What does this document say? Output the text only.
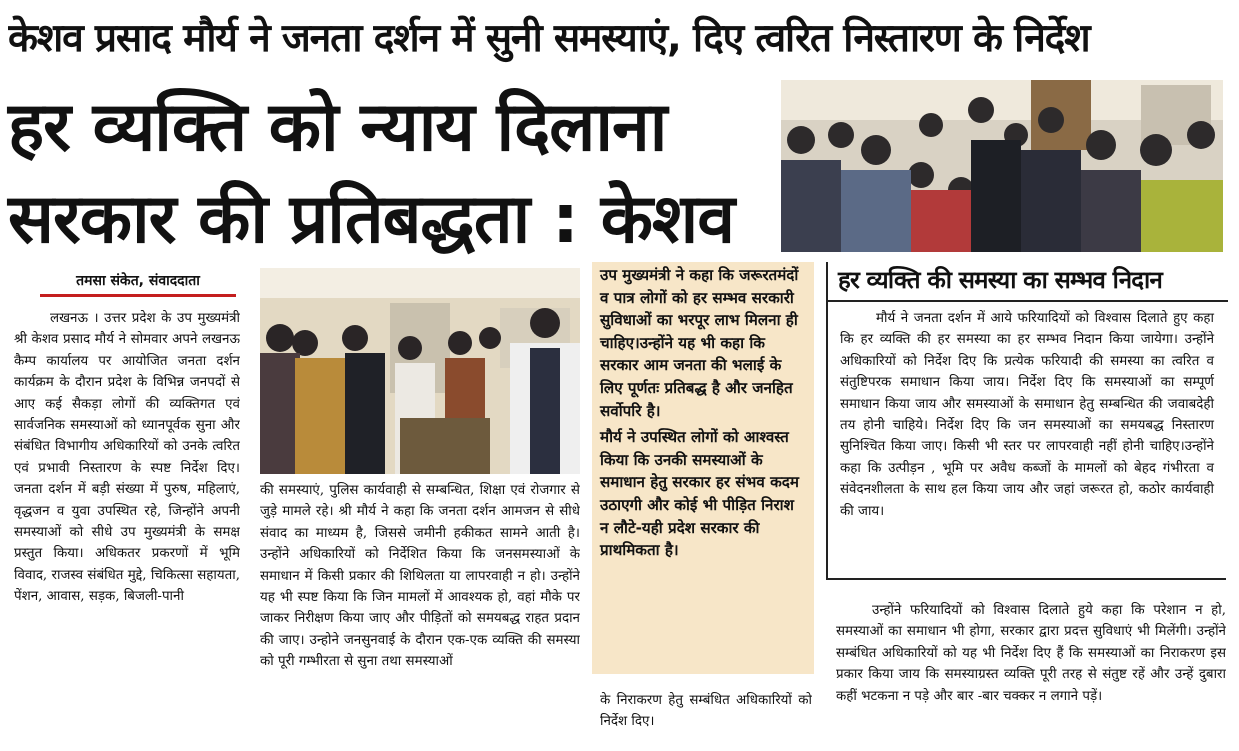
केशव प्रसाद मौर्य ने जनता दर्शन में सुनी समस्याएं, दिए त्वरित निस्तारण के निर्देश
हर व्यक्ति को न्याय दिलाना
सरकार की प्रतिबद्धता : केशव
तमसा संकेत, संवाददाता

लखनऊ । उत्तर प्रदेश के उप मुख्यमंत्री श्री केशव प्रसाद मौर्य ने सोमवार अपने लखनऊ कैम्प कार्यालय पर आयोजित जनता दर्शन कार्यक्रम के दौरान प्रदेश के विभिन्न जनपदों से आए कई सैकड़ा लोगों की व्यक्तिगत एवं सार्वजनिक समस्याओं को ध्यानपूर्वक सुना और संबंधित विभागीय अधिकारियों को उनके त्वरित एवं प्रभावी निस्तारण के स्पष्ट निर्देश दिए। जनता दर्शन में बड़ी संख्या में पुरुष, महिलाएं, वृद्धजन व युवा उपस्थित रहे, जिन्होंने अपनी समस्याओं को सीधे उप मुख्यमंत्री के समक्ष प्रस्तुत किया। अधिकतर प्रकरणों में भूमि विवाद, राजस्व संबंधित मुद्दे, चिकित्सा सहायता, पेंशन, आवास, सड़क, बिजली-पानी

की समस्याएं, पुलिस कार्यवाही से सम्बन्धित, शिक्षा एवं रोजगार से जुड़े मामले रहे। श्री मौर्य ने कहा कि जनता दर्शन आमजन से सीधे संवाद का माध्यम है, जिससे जमीनी हकीकत सामने आती है। उन्होंने अधिकारियों को निर्देशित किया कि जनसमस्याओं के समाधान में किसी प्रकार की शिथिलता या लापरवाही न हो। उन्होंने यह भी स्पष्ट किया कि जिन मामलों में आवश्यक हो, वहां मौके पर जाकर निरीक्षण किया जाए और पीड़ितों को समयबद्ध राहत प्रदान की जाए। उन्होने जनसुनवाई के दौरान एक-एक व्यक्ति की समस्या को पूरी गम्भीरता से सुना तथा समस्याओं

उप मुख्यमंत्री ने कहा कि जरूरतमंदों व पात्र लोगों को हर सम्भव सरकारी सुविधाओं का भरपूर लाभ मिलना ही चाहिए।उन्होंने यह भी कहा कि सरकार आम जनता की भलाई के लिए पूर्णतः प्रतिबद्ध है और जनहित सर्वोपरि है।

मौर्य ने उपस्थित लोगों को आश्वस्त किया कि उनकी समस्याओं के समाधान हेतु सरकार हर संभव कदम उठाएगी और कोई भी पीड़ित निराश न लौटे-यही प्रदेश सरकार की प्राथमिकता है।

के निराकरण हेतु सम्बंधित अधिकारियों को निर्देश दिए।

हर व्यक्ति की समस्या का सम्भव निदान

मौर्य ने जनता दर्शन में आये फरियादियों को विश्वास दिलाते हुए कहा कि हर व्यक्ति की हर समस्या का हर सम्भव निदान किया जायेगा। उन्होंने अधिकारियों को निर्देश दिए कि प्रत्येक फरियादी की समस्या का त्वरित व संतुष्टिपरक समाधान किया जाय। निर्देश दिए कि समस्याओं का सम्पूर्ण समाधान किया जाय और समस्याओं के समाधान हेतु सम्बन्धित की जवाबदेही तय होनी चाहिये। निर्देश दिए कि जन समस्याओं का समयबद्ध निस्तारण सुनिश्चित किया जाए। किसी भी स्तर पर लापरवाही नहीं होनी चाहिए।उन्होंने कहा कि उत्पीड़न , भूमि पर अवैध कब्जों के मामलों को बेहद गंभीरता व संवेदनशीलता के साथ हल किया जाय और जहां जरूरत हो, कठोर कार्यवाही की जाय।

उन्होंने फरियादियों को विश्वास दिलाते हुये कहा कि परेशान न हो, समस्याओं का समाधान भी होगा, सरकार द्वारा प्रदत्त सुविधाएं भी मिलेंगी। उन्होंने सम्बंधित अधिकारियों को यह भी निर्देश दिए हैं कि समस्याओं का निराकरण इस प्रकार किया जाय कि समस्याग्रस्त व्यक्ति पूरी तरह से संतुष्ट रहें और उन्हें दुबारा कहीं भटकना न पड़े और बार -बार चक्कर न लगाने पड़ें।
